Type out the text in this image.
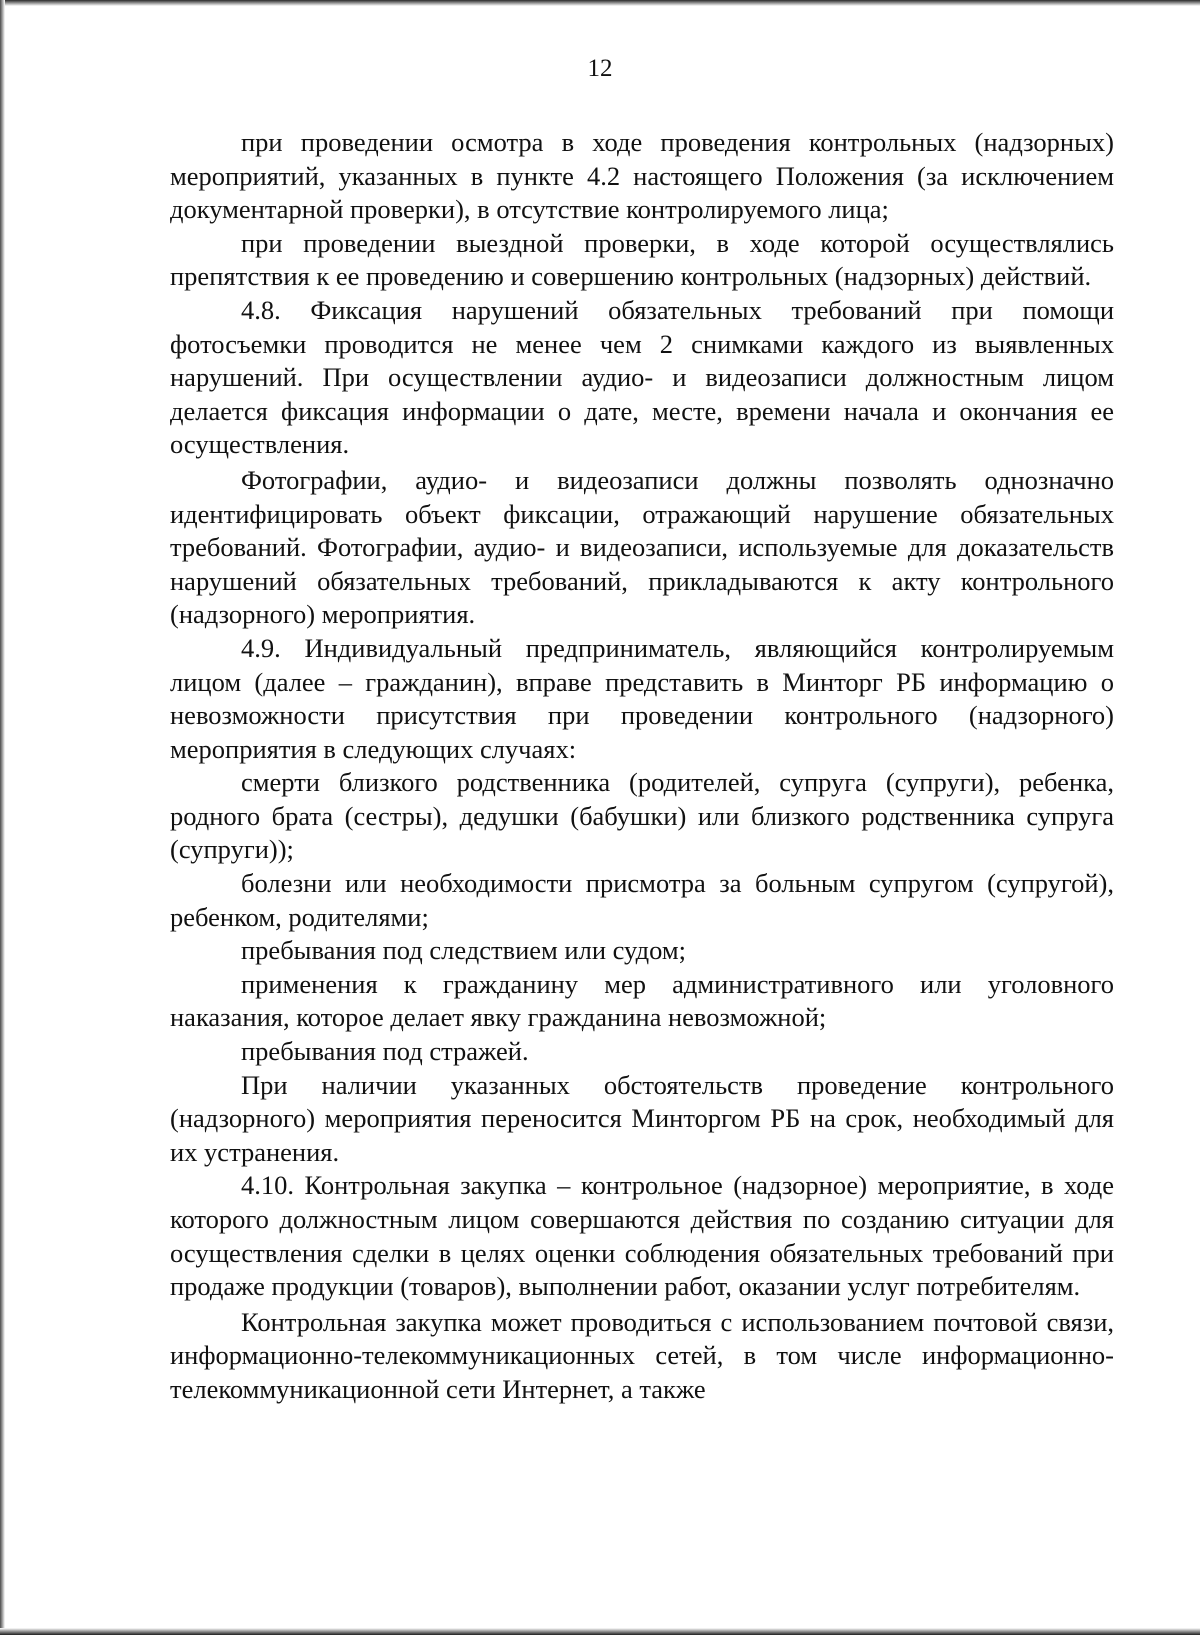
12

при проведении осмотра в ходе проведения контрольных (надзорных) мероприятий, указанных в пункте 4.2 настоящего Положения (за исключением документарной проверки), в отсутствие контролируемого лица;

при проведении выездной проверки, в ходе которой осуществлялись препятствия к ее проведению и совершению контрольных (надзорных) действий.

4.8. Фиксация нарушений обязательных требований при помощи фотосъемки проводится не менее чем 2 снимками каждого из выявленных нарушений. При осуществлении аудио- и видеозаписи должностным лицом делается фиксация информации о дате, месте, времени начала и окончания ее осуществления.

Фотографии, аудио- и видеозаписи должны позволять однозначно идентифицировать объект фиксации, отражающий нарушение обязательных требований. Фотографии, аудио- и видеозаписи, используемые для доказательств нарушений обязательных требований, прикладываются к акту контрольного (надзорного) мероприятия.

4.9. Индивидуальный предприниматель, являющийся контролируемым лицом (далее – гражданин), вправе представить в Минторг РБ информацию о невозможности присутствия при проведении контрольного (надзорного) мероприятия в следующих случаях:

смерти близкого родственника (родителей, супруга (супруги), ребенка, родного брата (сестры), дедушки (бабушки) или близкого родственника супруга (супруги));

болезни или необходимости присмотра за больным супругом (супругой), ребенком, родителями;

пребывания под следствием или судом;

применения к гражданину мер административного или уголовного наказания, которое делает явку гражданина невозможной;

пребывания под стражей.

При наличии указанных обстоятельств проведение контрольного (надзорного) мероприятия переносится Минторгом РБ на срок, необходимый для их устранения.

4.10. Контрольная закупка – контрольное (надзорное) мероприятие, в ходе которого должностным лицом совершаются действия по созданию ситуации для осуществления сделки в целях оценки соблюдения обязательных требований при продаже продукции (товаров), выполнении работ, оказании услуг потребителям.

Контрольная закупка может проводиться с использованием почтовой связи, информационно-телекоммуникационных сетей, в том числе информационно-телекоммуникационной сети Интернет, а также
